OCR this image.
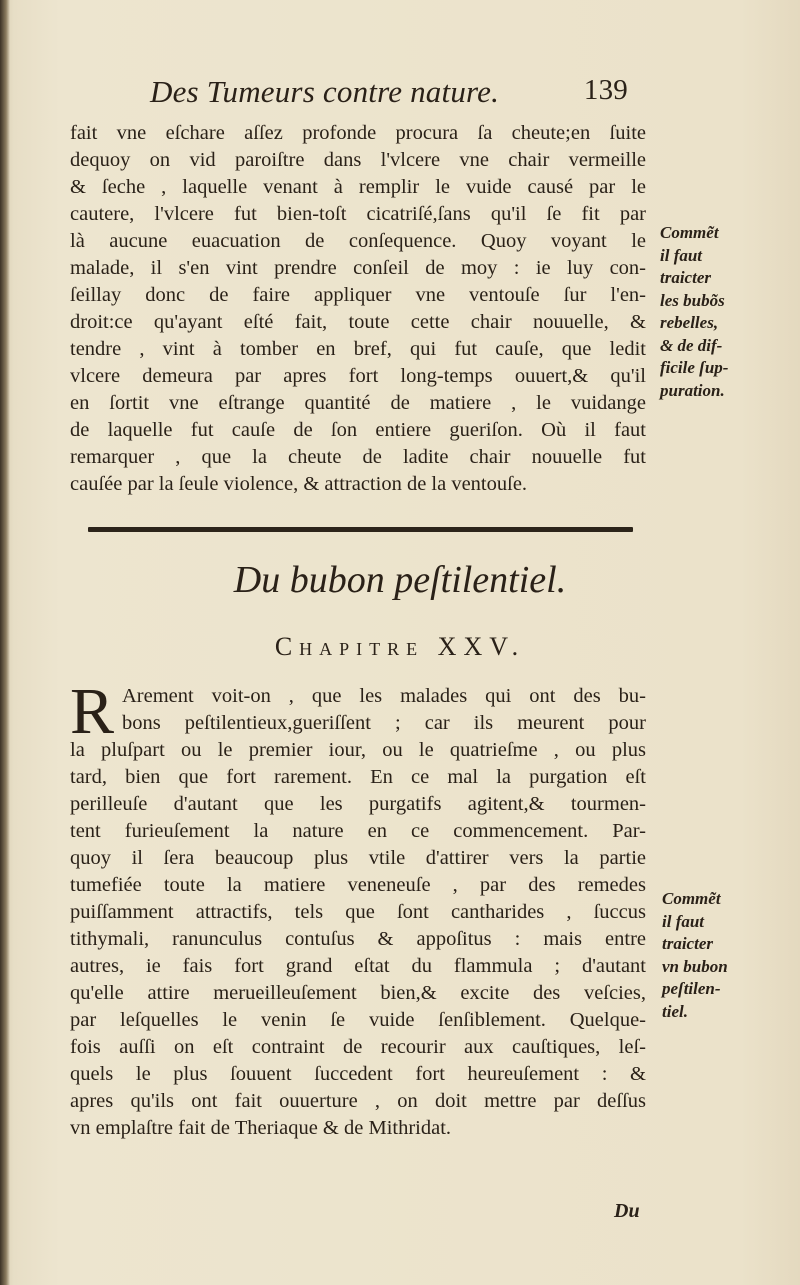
Des Tumeurs contre nature.	139
fait vne eſchare aſſez profonde procura ſa cheute;en ſuite
dequoy on vid paroiſtre dans l'vlcere vne chair vermeille
& ſeche , laquelle venant à remplir le vuide causé par le
cautere, l'vlcere fut bien-toſt cicatriſé,ſans qu'il ſe fit par
là aucune euacuation de conſequence. Quoy voyant le
malade, il s'en vint prendre conſeil de moy : ie luy con-
ſeillay donc de faire appliquer vne ventouſe ſur l'en-
droit:ce qu'ayant eſté fait, toute cette chair nouuelle, &
tendre , vint à tomber en bref, qui fut cauſe, que ledit
vlcere demeura par apres fort long-temps ouuert,& qu'il
en ſortit vne eſtrange quantité de matiere , le vuidange
de laquelle fut cauſe de ſon entiere gueriſon. Où il faut
remarquer , que la cheute de ladite chair nouuelle fut
cauſée par la ſeule violence, & attraction de la ventouſe.
Commẽt
il faut
traicter
les bubõs
rebelles,
& de dif-
ficile ſup-
puration.
Du bubon peſtilentiel.
Chapitre XXV.
R Arement voit-on , que les malades qui ont des bu-
bons peſtilentieux,gueriſſent ; car ils meurent pour
la pluſpart ou le premier iour, ou le quatrieſme , ou plus
tard, bien que fort rarement. En ce mal la purgation eſt
perilleuſe d'autant que les purgatifs agitent,& tourmen-
tent furieuſement la nature en ce commencement. Par-
quoy il ſera beaucoup plus vtile d'attirer vers la partie
tumefiée toute la matiere veneneuſe , par des remedes
puiſſamment attractifs, tels que ſont cantharides , ſuccus
tithymali, ranunculus contuſus & appoſitus : mais entre
autres, ie fais fort grand eſtat du flammula ; d'autant
qu'elle attire merueilleuſement bien,& excite des veſcies,
par leſquelles le venin ſe vuide ſenſiblement. Quelque-
fois auſſi on eſt contraint de recourir aux cauſtiques, leſ-
quels le plus ſouuent ſuccedent fort heureuſement : &
apres qu'ils ont fait ouuerture , on doit mettre par deſſus
vn emplaſtre fait de Theriaque & de Mithridat.
Commẽt
il faut
traicter
vn bubon
peſtilen-
tiel.
Du
